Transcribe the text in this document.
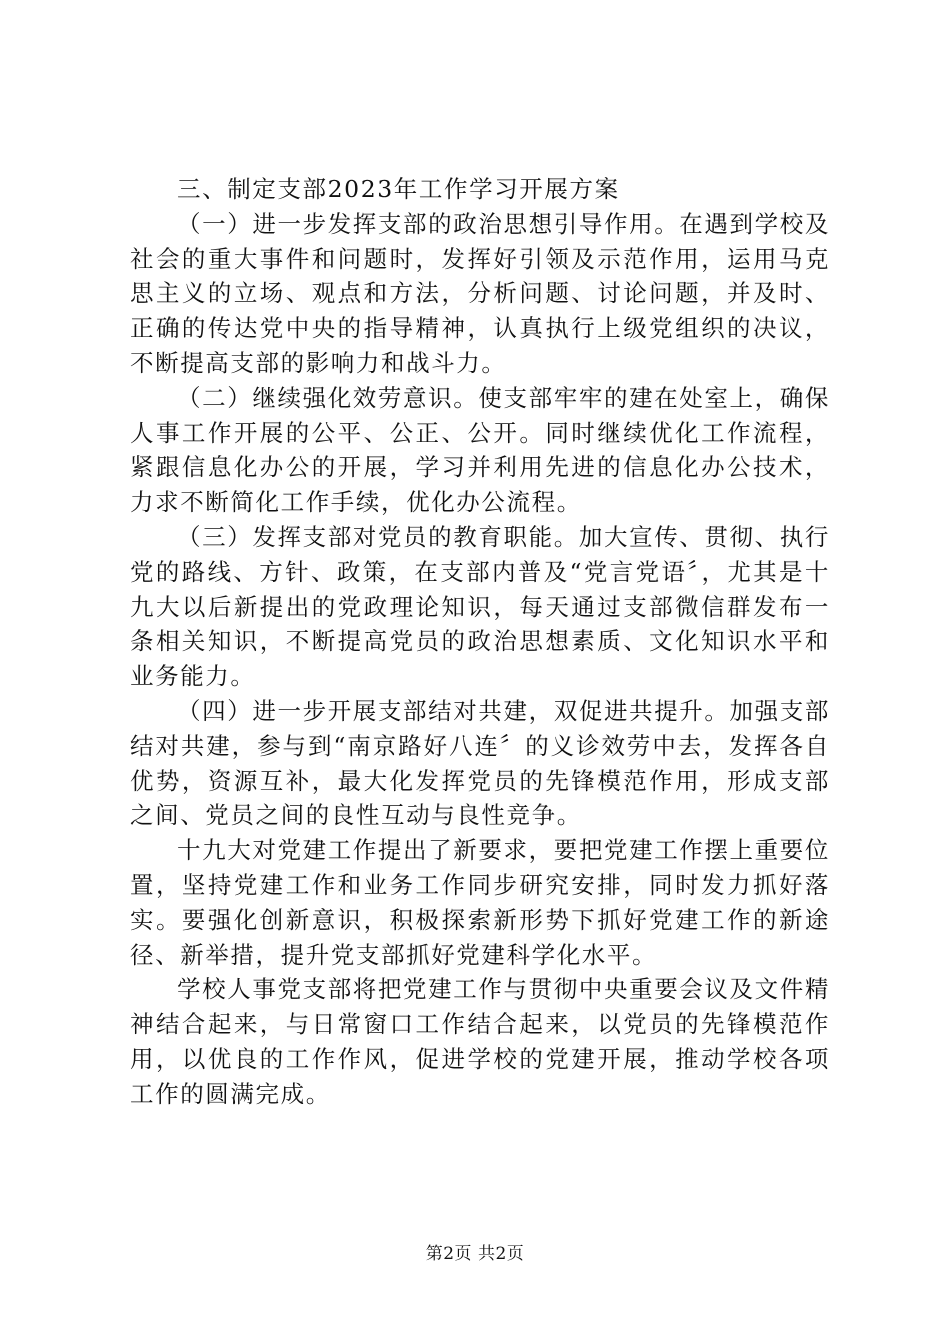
三、制定支部2023年工作学习开展方案

（一）进一步发挥支部的政治思想引导作用。在遇到学校及社会的重大事件和问题时，发挥好引领及示范作用，运用马克思主义的立场、观点和方法，分析问题、讨论问题，并及时、正确的传达党中央的指导精神，认真执行上级党组织的决议，不断提高支部的影响力和战斗力。

（二）继续强化效劳意识。使支部牢牢的建在处室上，确保人事工作开展的公平、公正、公开。同时继续优化工作流程，紧跟信息化办公的开展，学习并利用先进的信息化办公技术，力求不断简化工作手续，优化办公流程。

（三）发挥支部对党员的教育职能。加大宣传、贯彻、执行党的路线、方针、政策，在支部内普及“党言党语〞，尤其是十九大以后新提出的党政理论知识，每天通过支部微信群发布一条相关知识，不断提高党员的政治思想素质、文化知识水平和业务能力。

（四）进一步开展支部结对共建，双促进共提升。加强支部结对共建，参与到“南京路好八连〞的义诊效劳中去，发挥各自优势，资源互补，最大化发挥党员的先锋模范作用，形成支部之间、党员之间的良性互动与良性竞争。

十九大对党建工作提出了新要求，要把党建工作摆上重要位置，坚持党建工作和业务工作同步研究安排，同时发力抓好落实。要强化创新意识，积极探索新形势下抓好党建工作的新途径、新举措，提升党支部抓好党建科学化水平。

学校人事党支部将把党建工作与贯彻中央重要会议及文件精神结合起来，与日常窗口工作结合起来，以党员的先锋模范作用，以优良的工作作风，促进学校的党建开展，推动学校各项工作的圆满完成。

第2页 共2页
